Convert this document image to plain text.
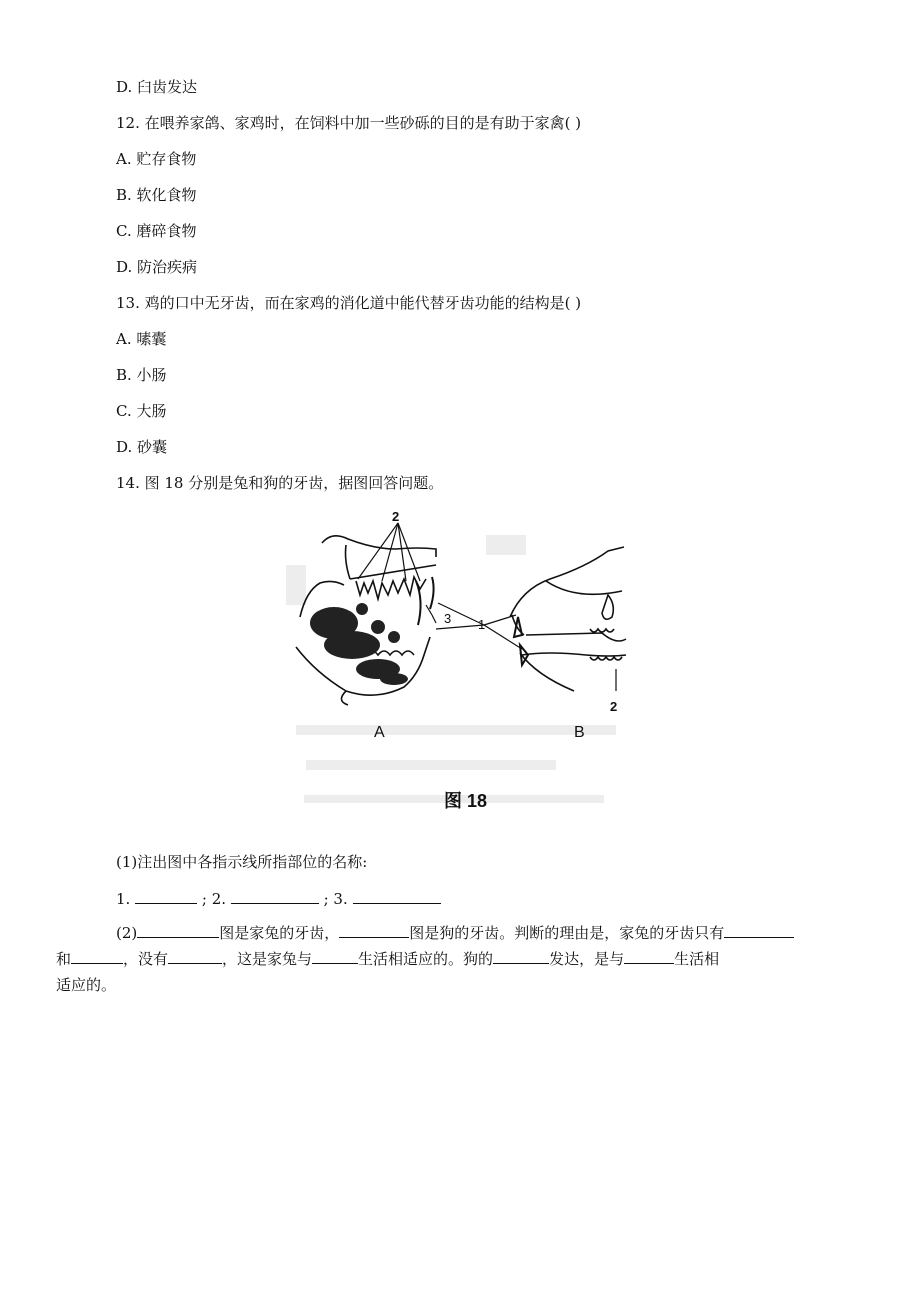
D. 臼齿发达
12. 在喂养家鸽、家鸡时，在饲料中加一些砂砾的目的是有助于家禽( )
A. 贮存食物
B. 软化食物
C. 磨碎食物
D. 防治疾病
13. 鸡的口中无牙齿，而在家鸡的消化道中能代替牙齿功能的结构是( )
A. 嗉囊
B. 小肠
C. 大肠
D. 砂囊
14. 图 18 分别是兔和狗的牙齿，据图回答问题。
2
3 1
2
A	B
图 18
(1)注出图中各指示线所指部位的名称:
1.	; 2.	; 3.
(2)	图是家兔的牙齿，	图是狗的牙齿。判断的理由是，家兔的牙齿只有
和	，没有	，这是家兔与	生活相适应的。狗的	发达，是与	生活相
适应的。
